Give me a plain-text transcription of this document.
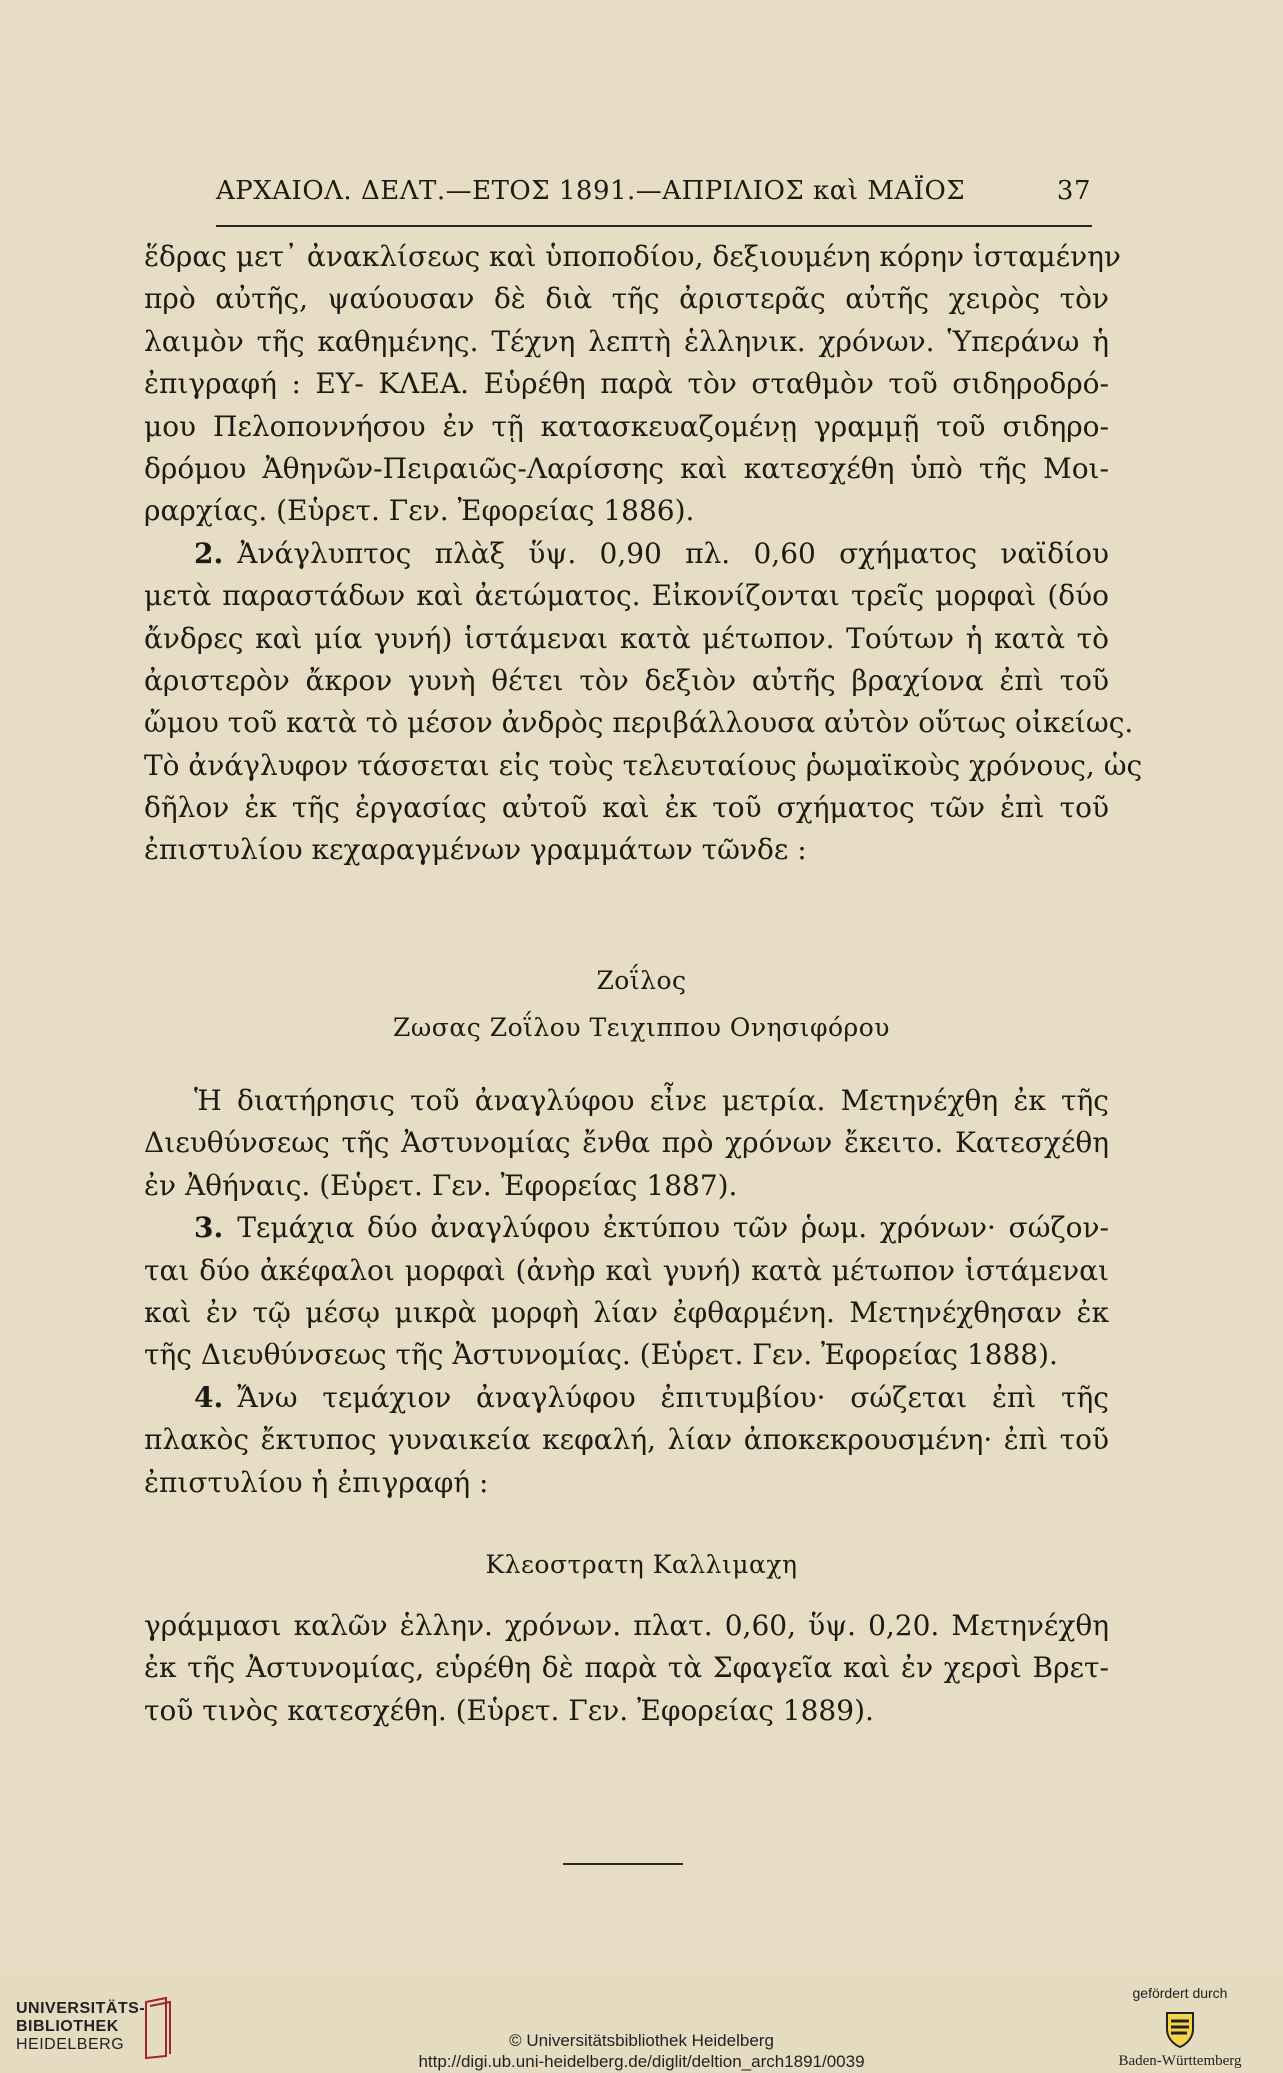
ΑΡΧΑΙΟΛ. ΔΕΛΤ.—ΕΤΟΣ 1891.—ΑΠΡΙΛΙΟΣ καὶ ΜΑΪΟΣ	37
ἕδρας μετ᾽ ἀνακλίσεως καὶ ὑποποδίου, δεξιουμένη κόρην ἱσταμένην
πρὸ αὐτῆς, ψαύουσαν δὲ διὰ τῆς ἀριστερᾶς αὐτῆς χειρὸς τὸν
λαιμὸν τῆς καθημένης. Τέχνη λεπτὴ ἑλληνικ. χρόνων. Ὑπεράνω ἡ
ἐπιγραφή : ΕΥ- ΚΛΕΑ. Εὑρέθη παρὰ τὸν σταθμὸν τοῦ σιδηροδρό-
μου Πελοποννήσου ἐν τῇ κατασκευαζομένῃ γραμμῇ τοῦ σιδηρο-
δρόμου Ἀθηνῶν-Πειραιῶς-Λαρίσσης καὶ κατεσχέθη ὑπὸ τῆς Μοι-
ραρχίας. (Εὑρετ. Γεν. Ἐφορείας 1886).
2. Ἀνάγλυπτος πλὰξ ὕψ. 0,90 πλ. 0,60 σχήματος ναϊδίου
μετὰ παραστάδων καὶ ἀετώματος. Εἰκονίζονται τρεῖς μορφαὶ (δύο
ἄνδρες καὶ μία γυνή) ἱστάμεναι κατὰ μέτωπον. Τούτων ἡ κατὰ τὸ
ἀριστερὸν ἄκρον γυνὴ θέτει τὸν δεξιὸν αὐτῆς βραχίονα ἐπὶ τοῦ
ὤμου τοῦ κατὰ τὸ μέσον ἀνδρὸς περιβάλλουσα αὐτὸν οὕτως οἰκείως.
Τὸ ἀνάγλυφον τάσσεται εἰς τοὺς τελευταίους ῥωμαϊκοὺς χρόνους, ὡς
δῆλον ἐκ τῆς ἐργασίας αὐτοῦ καὶ ἐκ τοῦ σχήματος τῶν ἐπὶ τοῦ
ἐπιστυλίου κεχαραγμένων γραμμάτων τῶνδε :
Ζοΐλος
Ζωσας Ζοΐλου Τειχιππου Ονησιφόρου
Ἡ διατήρησις τοῦ ἀναγλύφου εἶνε μετρία. Μετηνέχθη ἐκ τῆς
Διευθύνσεως τῆς Ἀστυνομίας ἔνθα πρὸ χρόνων ἔκειτο. Κατεσχέθη
ἐν Ἀθήναις. (Εὑρετ. Γεν. Ἐφορείας 1887).
3. Τεμάχια δύο ἀναγλύφου ἐκτύπου τῶν ῥωμ. χρόνων· σώζον-
ται δύο ἀκέφαλοι μορφαὶ (ἀνὴρ καὶ γυνή) κατὰ μέτωπον ἱστάμεναι
καὶ ἐν τῷ μέσῳ μικρὰ μορφὴ λίαν ἐφθαρμένη. Μετηνέχθησαν ἐκ
τῆς Διευθύνσεως τῆς Ἀστυνομίας. (Εὑρετ. Γεν. Ἐφορείας 1888).
4. Ἄνω τεμάχιον ἀναγλύφου ἐπιτυμβίου· σώζεται ἐπὶ τῆς
πλακὸς ἔκτυπος γυναικεία κεφαλή, λίαν ἀποκεκρουσμένη· ἐπὶ τοῦ
ἐπιστυλίου ἡ ἐπιγραφή :
Κλεοστρατη Καλλιμαχη
γράμμασι καλῶν ἑλλην. χρόνων. πλατ. 0,60, ὕψ. 0,20. Μετηνέχθη
ἐκ τῆς Ἀστυνομίας, εὑρέθη δὲ παρὰ τὰ Σφαγεῖα καὶ ἐν χερσὶ Βρετ-
τοῦ τινὸς κατεσχέθη. (Εὑρετ. Γεν. Ἐφορείας 1889).
UNIVERSITÄTS-
BIBLIOTHEK
HEIDELBERG	© Universitätsbibliothek Heidelberg
http://digi.ub.uni-heidelberg.de/diglit/deltion_arch1891/0039
gefördert durch
Baden-Württemberg
